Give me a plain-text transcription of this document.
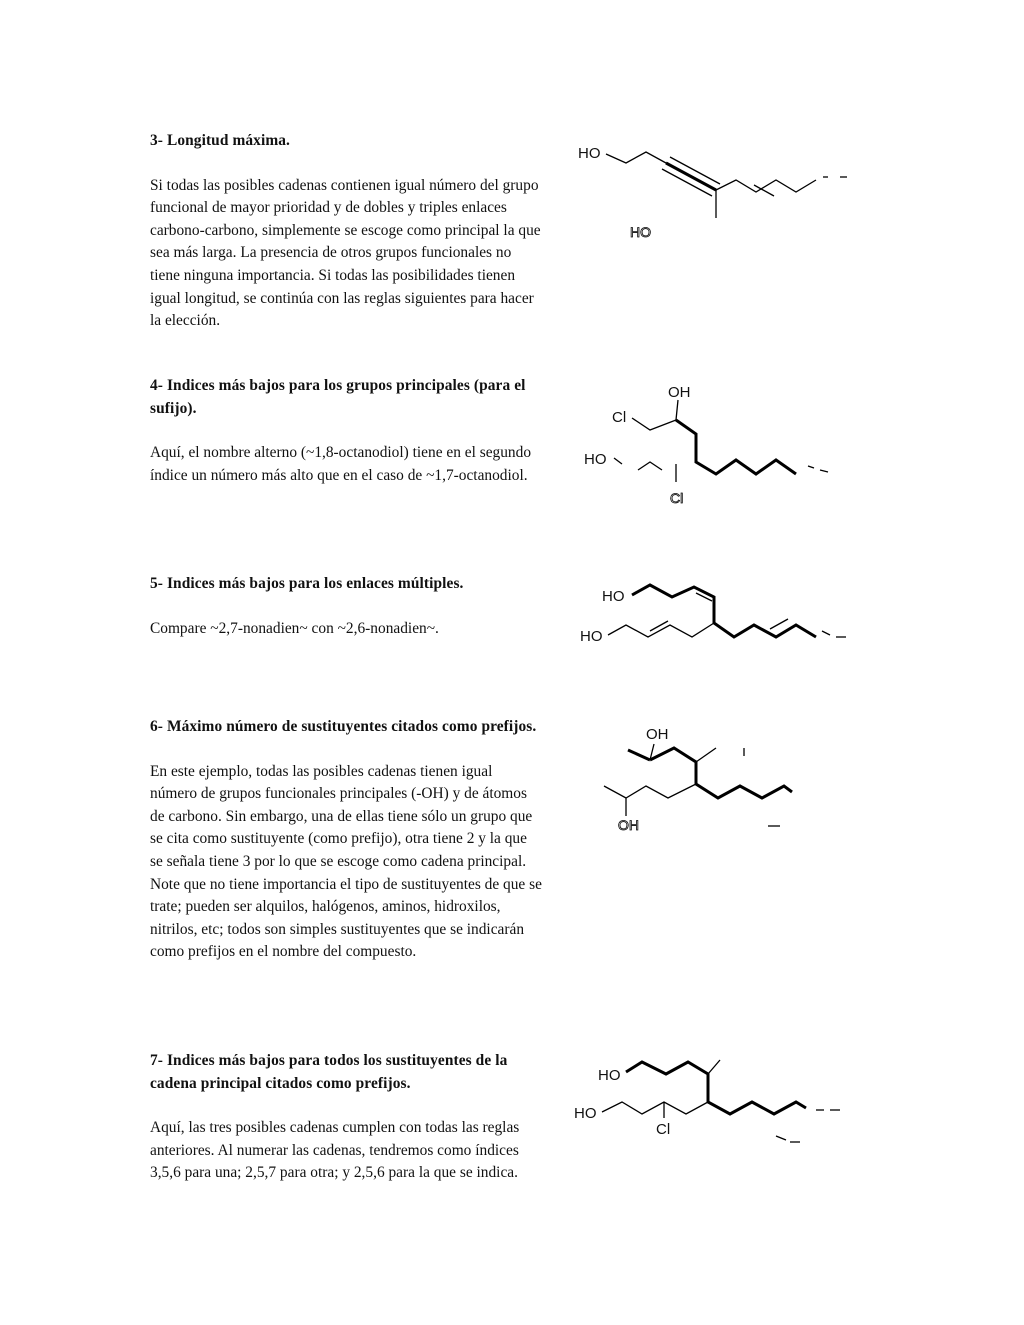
3- Longitud máxima.

Si todas las posibles cadenas contienen igual número del grupo funcional de mayor prioridad y de dobles y triples enlaces carbono-carbono, simplemente se escoge como principal la que sea más larga. La presencia de otros grupos funcionales no tiene ninguna importancia. Si todas las posibilidades tienen igual longitud, se continúa con las reglas siguientes para hacer la elección.

4- Indices más bajos para los grupos principales (para el sufijo).

Aquí, el nombre alterno (~1,8-octanodiol) tiene en el segundo índice un número más alto que en el caso de ~1,7-octanodiol.

5- Indices más bajos para los enlaces múltiples.

Compare ~2,7-nonadien~ con ~2,6-nonadien~.

6- Máximo número de sustituyentes citados como prefijos.

En este ejemplo, todas las posibles cadenas tienen igual número de grupos funcionales principales (-OH) y de átomos de carbono. Sin embargo, una de ellas tiene sólo un grupo que se cita como sustituyente (como prefijo), otra tiene 2 y la que se señala tiene 3 por lo que se escoge como cadena principal. Note que no tiene importancia el tipo de sustituyentes de que se trate; pueden ser alquilos, halógenos, aminos, hidroxilos, nitrilos, etc; todos son simples sustituyentes que se indicarán como prefijos en el nombre del compuesto.

7- Indices más bajos para todos los sustituyentes de la cadena principal citados como prefijos.

Aquí, las tres posibles cadenas cumplen con todas las reglas anteriores. Al numerar las cadenas, tendremos como índices 3,5,6 para una; 2,5,7 para otra; y 2,5,6 para la que se indica.

HO
HO
OH
Cl
HO
Cl
HO
HO
OH
OH
HO
HO
Cl
